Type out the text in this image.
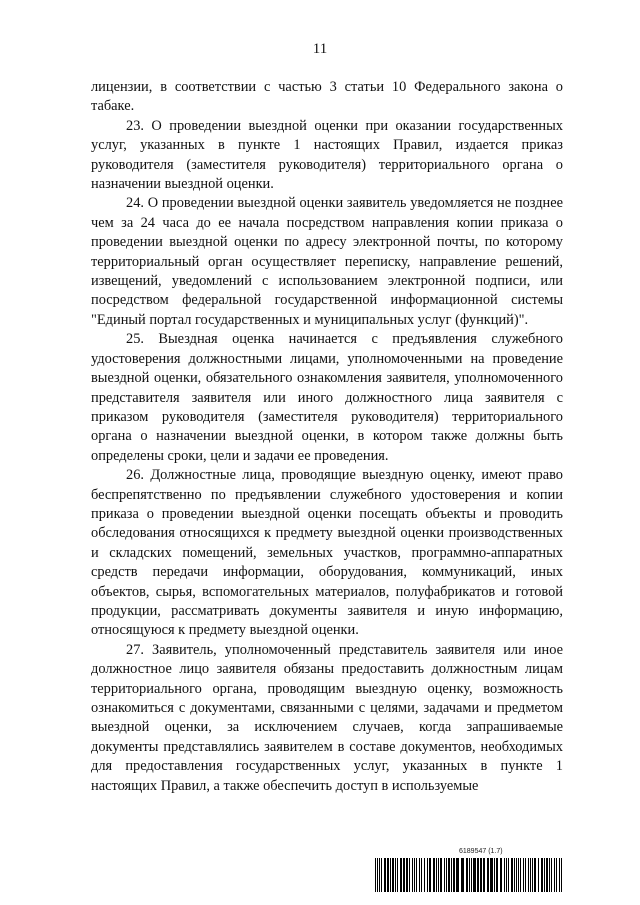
11

лицензии, в соответствии с частью 3 статьи 10 Федерального закона о табаке.

23. О проведении выездной оценки при оказании государственных услуг, указанных в пункте 1 настоящих Правил, издается приказ руководителя (заместителя руководителя) территориального органа о назначении выездной оценки.

24. О проведении выездной оценки заявитель уведомляется не позднее чем за 24 часа до ее начала посредством направления копии приказа о проведении выездной оценки по адресу электронной почты, по которому территориальный орган осуществляет переписку, направление решений, извещений, уведомлений с использованием электронной подписи, или посредством федеральной государственной информационной системы "Единый портал государственных и муниципальных услуг (функций)".

25. Выездная оценка начинается с предъявления служебного удостоверения должностными лицами, уполномоченными на проведение выездной оценки, обязательного ознакомления заявителя, уполномоченного представителя заявителя или иного должностного лица заявителя с приказом руководителя (заместителя руководителя) территориального органа о назначении выездной оценки, в котором также должны быть определены сроки, цели и задачи ее проведения.

26. Должностные лица, проводящие выездную оценку, имеют право беспрепятственно по предъявлении служебного удостоверения и копии приказа о проведении выездной оценки посещать объекты и проводить обследования относящихся к предмету выездной оценки производственных и складских помещений, земельных участков, программно-аппаратных средств передачи информации, оборудования, коммуникаций, иных объектов, сырья, вспомогательных материалов, полуфабрикатов и готовой продукции, рассматривать документы заявителя и иную информацию, относящуюся к предмету выездной оценки.

27. Заявитель, уполномоченный представитель заявителя или иное должностное лицо заявителя обязаны предоставить должностным лицам территориального органа, проводящим выездную оценку, возможность ознакомиться с документами, связанными с целями, задачами и предметом выездной оценки, за исключением случаев, когда запрашиваемые документы представлялись заявителем в составе документов, необходимых для предоставления государственных услуг, указанных в пункте 1 настоящих Правил, а также обеспечить доступ в используемые

6189547 (1.7)
